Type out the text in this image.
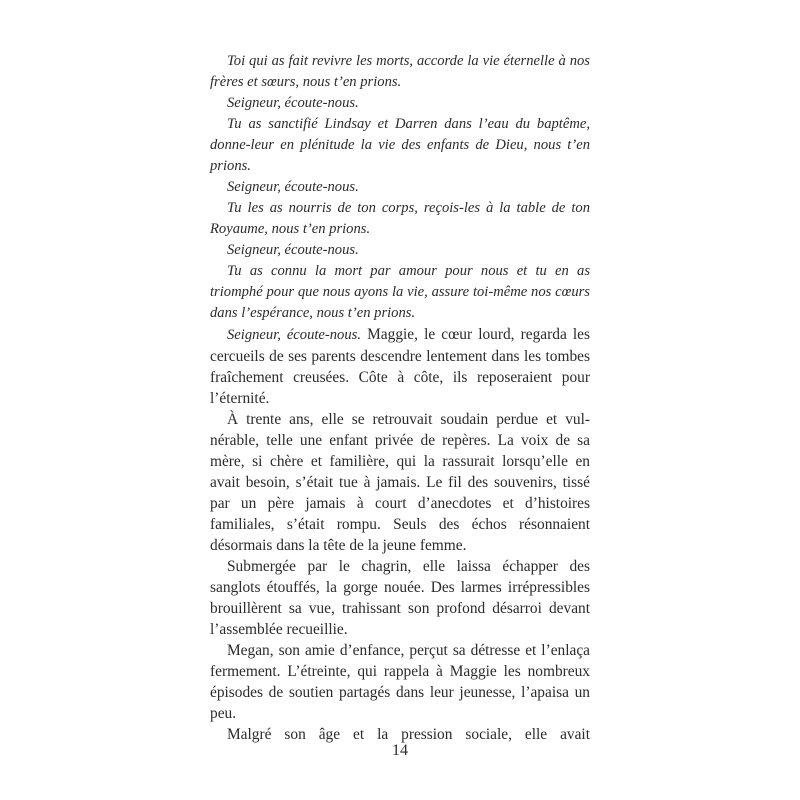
Toi qui as fait revivre les morts, accorde la vie éternelle à nos frères et sœurs, nous t’en prions.

Seigneur, écoute-nous.

Tu as sanctifié Lindsay et Darren dans l’eau du baptême, donne-leur en plénitude la vie des enfants de Dieu, nous t’en prions.

Seigneur, écoute-nous.

Tu les as nourris de ton corps, reçois-les à la table de ton Royaume, nous t’en prions.

Seigneur, écoute-nous.

Tu as connu la mort par amour pour nous et tu en as triomphé pour que nous ayons la vie, assure toi-même nos cœurs dans l’espérance, nous t’en prions.

Seigneur, écoute-nous. Maggie, le cœur lourd, regarda les cercueils de ses parents descendre lentement dans les tombes fraîchement creusées. Côte à côte, ils reposeraient pour l’éternité.

À trente ans, elle se retrouvait soudain perdue et vulnérable, telle une enfant privée de repères. La voix de sa mère, si chère et familière, qui la rassurait lorsqu’elle en avait besoin, s’était tue à jamais. Le fil des souvenirs, tissé par un père jamais à court d’anecdotes et d’histoires familiales, s’était rompu. Seuls des échos résonnaient désormais dans la tête de la jeune femme.

Submergée par le chagrin, elle laissa échapper des sanglots étouffés, la gorge nouée. Des larmes irrépressibles brouillèrent sa vue, trahissant son profond désarroi devant l’assemblée recueillie.

Megan, son amie d’enfance, perçut sa détresse et l’enlaça fermement. L’étreinte, qui rappela à Maggie les nombreux épisodes de soutien partagés dans leur jeunesse, l’apaisa un peu.

Malgré son âge et la pression sociale, elle avait

14
